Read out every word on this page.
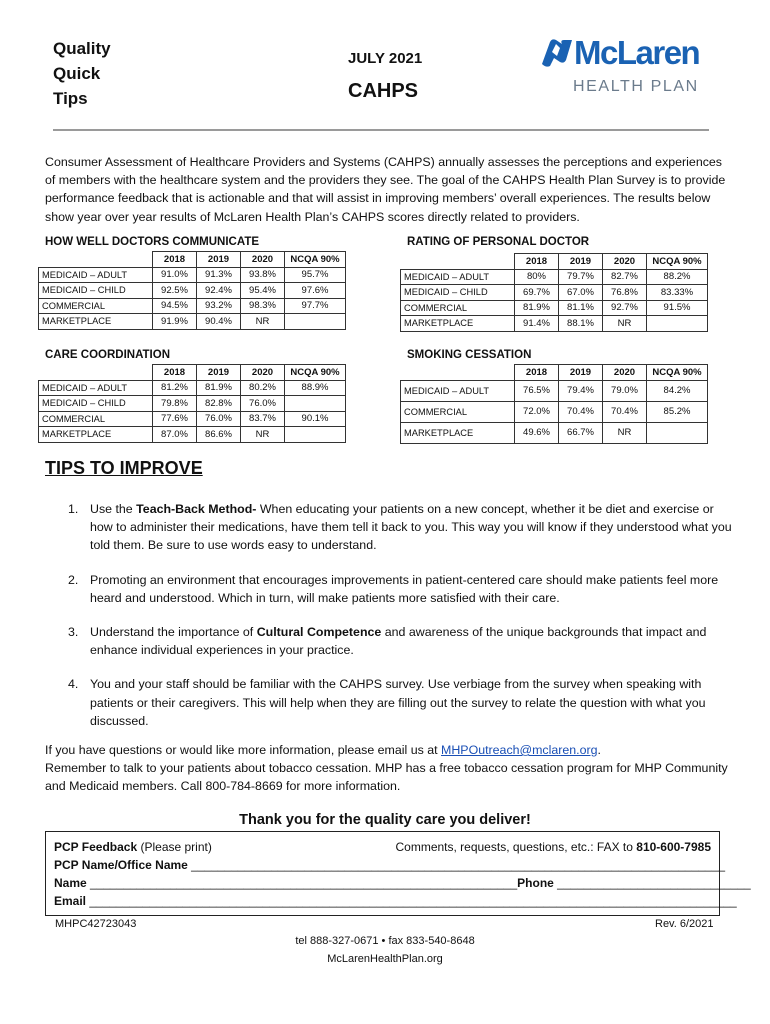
Quality
Quick
Tips
JULY 2021
CAHPS
McLaren
HEALTH PLAN
Consumer Assessment of Healthcare Providers and Systems (CAHPS) annually assesses the perceptions and experiences of members with the healthcare system and the providers they see. The goal of the CAHPS Health Plan Survey is to provide performance feedback that is actionable and that will assist in improving members’ overall experiences. The results below show year over year results of McLaren Health Plan’s CAHPS scores directly related to providers.
HOW WELL DOCTORS COMMUNICATE
	2018	2019	2020	NCQA 90%
MEDICAID – ADULT	91.0%	91.3%	93.8%	95.7%
MEDICAID – CHILD	92.5%	92.4%	95.4%	97.6%
COMMERCIAL	94.5%	93.2%	98.3%	97.7%
MARKETPLACE	91.9%	90.4%	NR	
RATING OF PERSONAL DOCTOR
	2018	2019	2020	NCQA 90%
MEDICAID – ADULT	80%	79.7%	82.7%	88.2%
MEDICAID – CHILD	69.7%	67.0%	76.8%	83.33%
COMMERCIAL	81.9%	81.1%	92.7%	91.5%
MARKETPLACE	91.4%	88.1%	NR	
CARE COORDINATION
	2018	2019	2020	NCQA 90%
MEDICAID – ADULT	81.2%	81.9%	80.2%	88.9%
MEDICAID – CHILD	79.8%	82.8%	76.0%	
COMMERCIAL	77.6%	76.0%	83.7%	90.1%
MARKETPLACE	87.0%	86.6%	NR	
SMOKING CESSATION
	2018	2019	2020	NCQA 90%
MEDICAID – ADULT	76.5%	79.4%	79.0%	84.2%
COMMERCIAL	72.0%	70.4%	70.4%	85.2%
MARKETPLACE	49.6%	66.7%	NR	
TIPS TO IMPROVE
1. Use the Teach-Back Method- When educating your patients on a new concept, whether it be diet and exercise or how to administer their medications, have them tell it back to you. This way you will know if they understood what you told them. Be sure to use words easy to understand.
2. Promoting an environment that encourages improvements in patient-centered care should make patients feel more heard and understood. Which in turn, will make patients more satisfied with their care.
3. Understand the importance of Cultural Competence and awareness of the unique backgrounds that impact and enhance individual experiences in your practice.
4. You and your staff should be familiar with the CAHPS survey. Use verbiage from the survey when speaking with patients or their caregivers. This will help when they are filling out the survey to relate the question with what you discussed.
If you have questions or would like more information, please email us at MHPOutreach@mclaren.org.
Remember to talk to your patients about tobacco cessation. MHP has a free tobacco cessation program for MHP Community and Medicaid members. Call 800-784-8669 for more information.
Thank you for the quality care you deliver!
PCP Feedback (Please print)	Comments, requests, questions, etc.: FAX to 810-600-7985
PCP Name/Office Name ________________________________________________________________________________
Name ________________________________________________________________Phone _____________________________
Email _________________________________________________________________________________________________
MHPC42723043	Rev. 6/2021
tel 888-327-0671 • fax 833-540-8648
McLarenHealthPlan.org
